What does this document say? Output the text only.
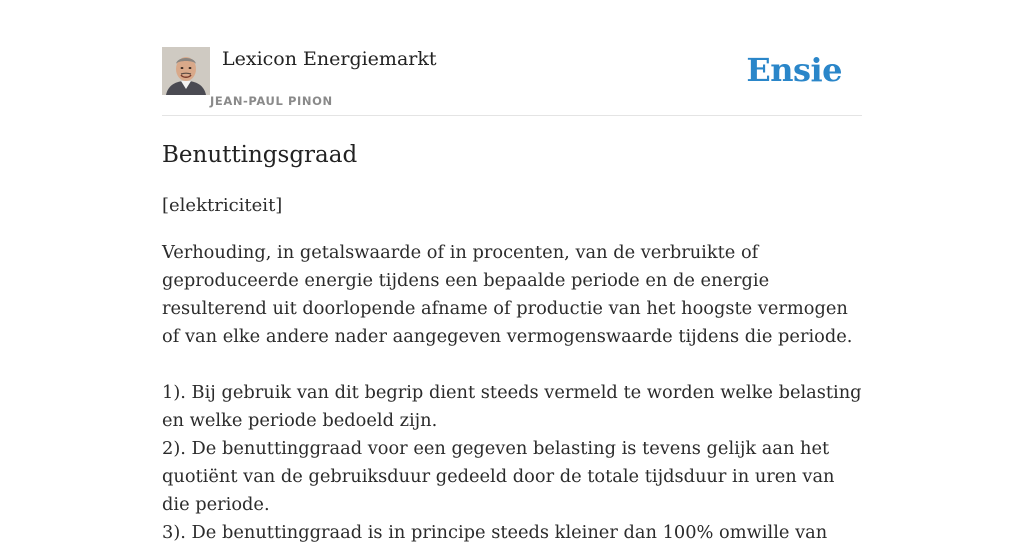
Lexicon Energiemarkt
JEAN-PAUL PINON
Ensie
Benuttingsgraad

[elektriciteit]

Verhouding, in getalswaarde of in procenten, van de verbruikte of geproduceerde energie tijdens een bepaalde periode en de energie resulterend uit doorlopende afname of productie van het hoogste vermogen of van elke andere nader aangegeven vermogenswaarde tijdens die periode.

1). Bij gebruik van dit begrip dient steeds vermeld te worden welke belasting en welke periode bedoeld zijn.

2). De benuttinggraad voor een gegeven belasting is tevens gelijk aan het quotiënt van de gebruiksduur gedeeld door de totale tijdsduur in uren van die periode.

3). De benuttinggraad is in principe steeds kleiner dan 100% omwille van
